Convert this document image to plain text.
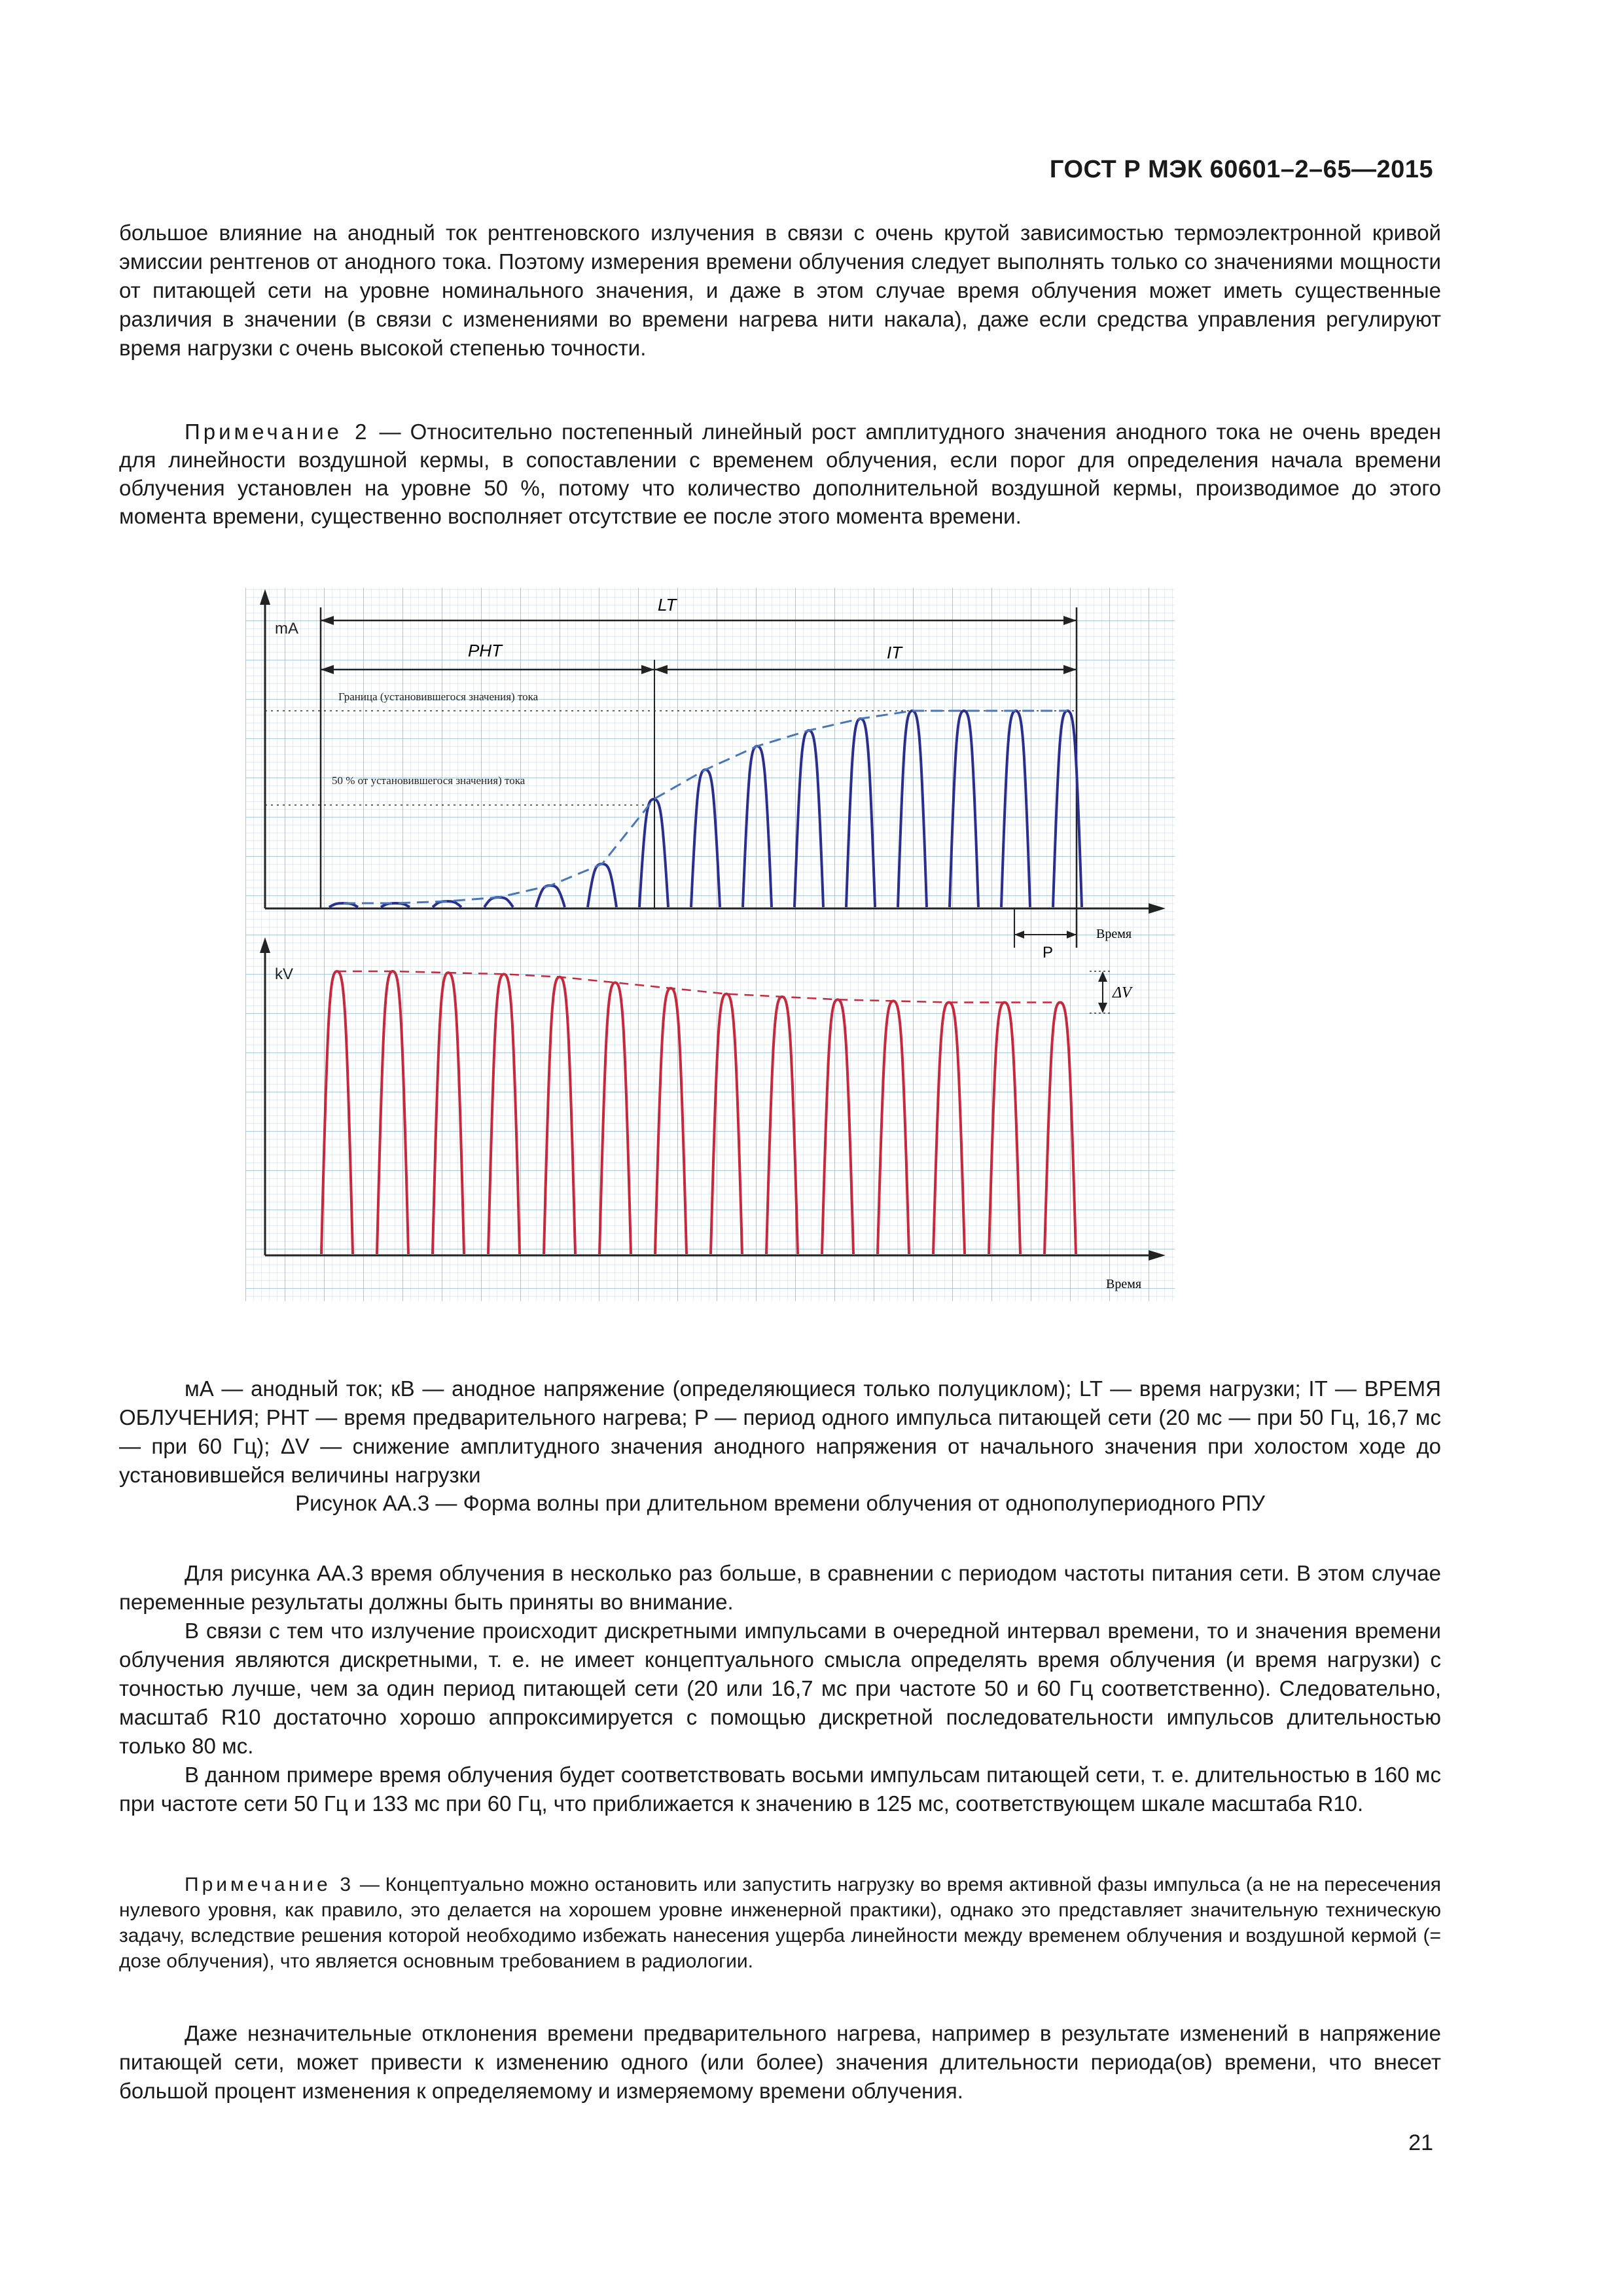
ГОСТ Р МЭК 60601–2–65—2015

большое влияние на анодный ток рентгеновского излучения в связи с очень крутой зависимостью термоэлектронной кривой эмиссии рентгенов от анодного тока. Поэтому измерения времени облучения следует выполнять только со значениями мощности от питающей сети на уровне номинального значения, и даже в этом случае время облучения может иметь существенные различия в значении (в связи с изменениями во времени нагрева нити накала), даже если средства управления регулируют время нагрузки с очень высокой степенью точности.

Примечание 2 — Относительно постепенный линейный рост амплитудного значения анодного тока не очень вреден для линейности воздушной кермы, в сопоставлении с временем облучения, если порог для определения начала времени облучения установлен на уровне 50 %, потому что количество дополнительной воздушной кермы, производимое до этого момента времени, существенно восполняет отсутствие ее после этого момента времени.

mA
LT
PHT	IT
Граница (установившегося значения) тока
50 % от установившегося значения) тока
P
Время
kV
ΔV
Время

мА — анодный ток; кВ — анодное напряжение (определяющиеся только полуциклом); LT — время нагрузки; IT — ВРЕМЯ ОБЛУЧЕНИЯ; PHT — время предварительного нагрева; P — период одного импульса питающей сети (20 мс — при 50 Гц, 16,7 мс — при 60 Гц); ΔV — снижение амплитудного значения анодного напряжения от начального значения при холостом ходе до установившейся величины нагрузки

Рисунок АА.3 — Форма волны при длительном времени облучения от однополупериодного РПУ

Для рисунка АА.3 время облучения в несколько раз больше, в сравнении с периодом частоты питания сети. В этом случае переменные результаты должны быть приняты во внимание.

В связи с тем что излучение происходит дискретными импульсами в очередной интервал времени, то и значения времени облучения являются дискретными, т. е. не имеет концептуального смысла определять время облучения (и время нагрузки) с точностью лучше, чем за один период питающей сети (20 или 16,7 мс при частоте 50 и 60 Гц соответственно). Следовательно, масштаб R10 достаточно хорошо аппроксимируется с помощью дискретной последовательности импульсов длительностью только 80 мс.

В данном примере время облучения будет соответствовать восьми импульсам питающей сети, т. е. длительностью в 160 мс при частоте сети 50 Гц и 133 мс при 60 Гц, что приближается к значению в 125 мс, соответствующем шкале масштаба R10.

Примечание 3 — Концептуально можно остановить или запустить нагрузку во время активной фазы импульса (а не на пересечения нулевого уровня, как правило, это делается на хорошем уровне инженерной практики), однако это представляет значительную техническую задачу, вследствие решения которой необходимо избежать нанесения ущерба линейности между временем облучения и воздушной кермой (= дозе облучения), что является основным требованием в радиологии.

Даже незначительные отклонения времени предварительного нагрева, например в результате изменений в напряжение питающей сети, может привести к изменению одного (или более) значения длительности периода(ов) времени, что внесет большой процент изменения к определяемому и измеряемому времени облучения.

21
